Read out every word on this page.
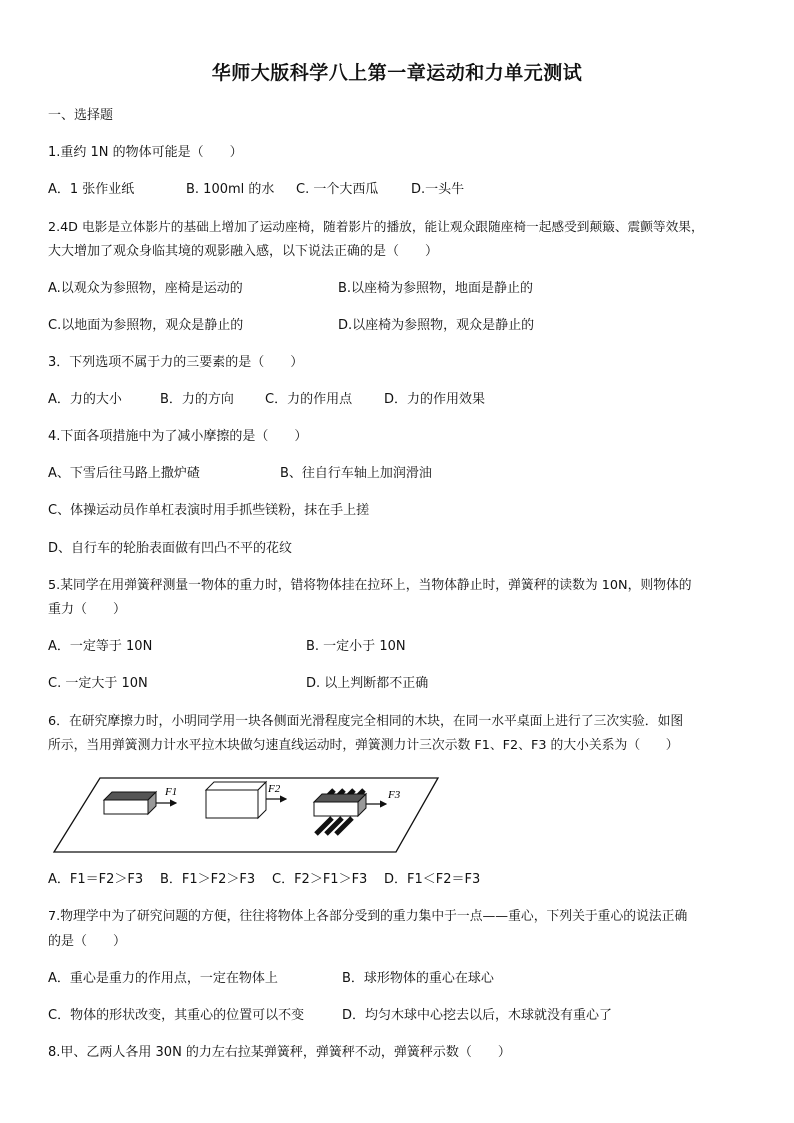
华师大版科学八上第一章运动和力单元测试
一、选择题
1.重约 1N 的物体可能是（　　）
A．1 张作业纸	B. 100ml 的水 C. 一个大西瓜	D.一头牛
2.4D 电影是立体影片的基础上增加了运动座椅，随着影片的播放，能让观众跟随座椅一起感受到颠簸、震颤等效果，
大大增加了观众身临其境的观影融入感，以下说法正确的是（　　）
A.以观众为参照物，座椅是运动的	B.以座椅为参照物，地面是静止的
C.以地面为参照物，观众是静止的	D.以座椅为参照物，观众是静止的
3．下列选项不属于力的三要素的是（　　）
A．力的大小	B．力的方向 C．力的作用点 D．力的作用效果
4.下面各项措施中为了减小摩擦的是（　　）
A、下雪后往马路上撒炉碴	B、往自行车轴上加润滑油
C、体操运动员作单杠表演时用手抓些镁粉，抹在手上搓
D、自行车的轮胎表面做有凹凸不平的花纹
5.某同学在用弹簧秤测量一物体的重力时，错将物体挂在拉环上，当物体静止时，弹簧秤的读数为 10N，则物体的
重力（　　）
A．一定等于 10N	B. 一定小于 10N
C. 一定大于 10N	D. 以上判断都不正确
6．在研究摩擦力时，小明同学用一块各侧面光滑程度完全相同的木块，在同一水平桌面上进行了三次实验．如图
所示，当用弹簧测力计水平拉木块做匀速直线运动时，弹簧测力计三次示数 F1、F2、F3 的大小关系为（　　）
F1	F2	F3
A．F1＝F2＞F3 B．F1＞F2＞F3 C．F2＞F1＞F3 D．F1＜F2＝F3
7.物理学中为了研究问题的方便，往往将物体上各部分受到的重力集中于一点——重心，下列关于重心的说法正确
的是（　　）
A．重心是重力的作用点，一定在物体上	B．球形物体的重心在球心
C．物体的形状改变，其重心的位置可以不变	D．均匀木球中心挖去以后，木球就没有重心了
8.甲、乙两人各用 30N 的力左右拉某弹簧秤，弹簧秤不动，弹簧秤示数（　　）
